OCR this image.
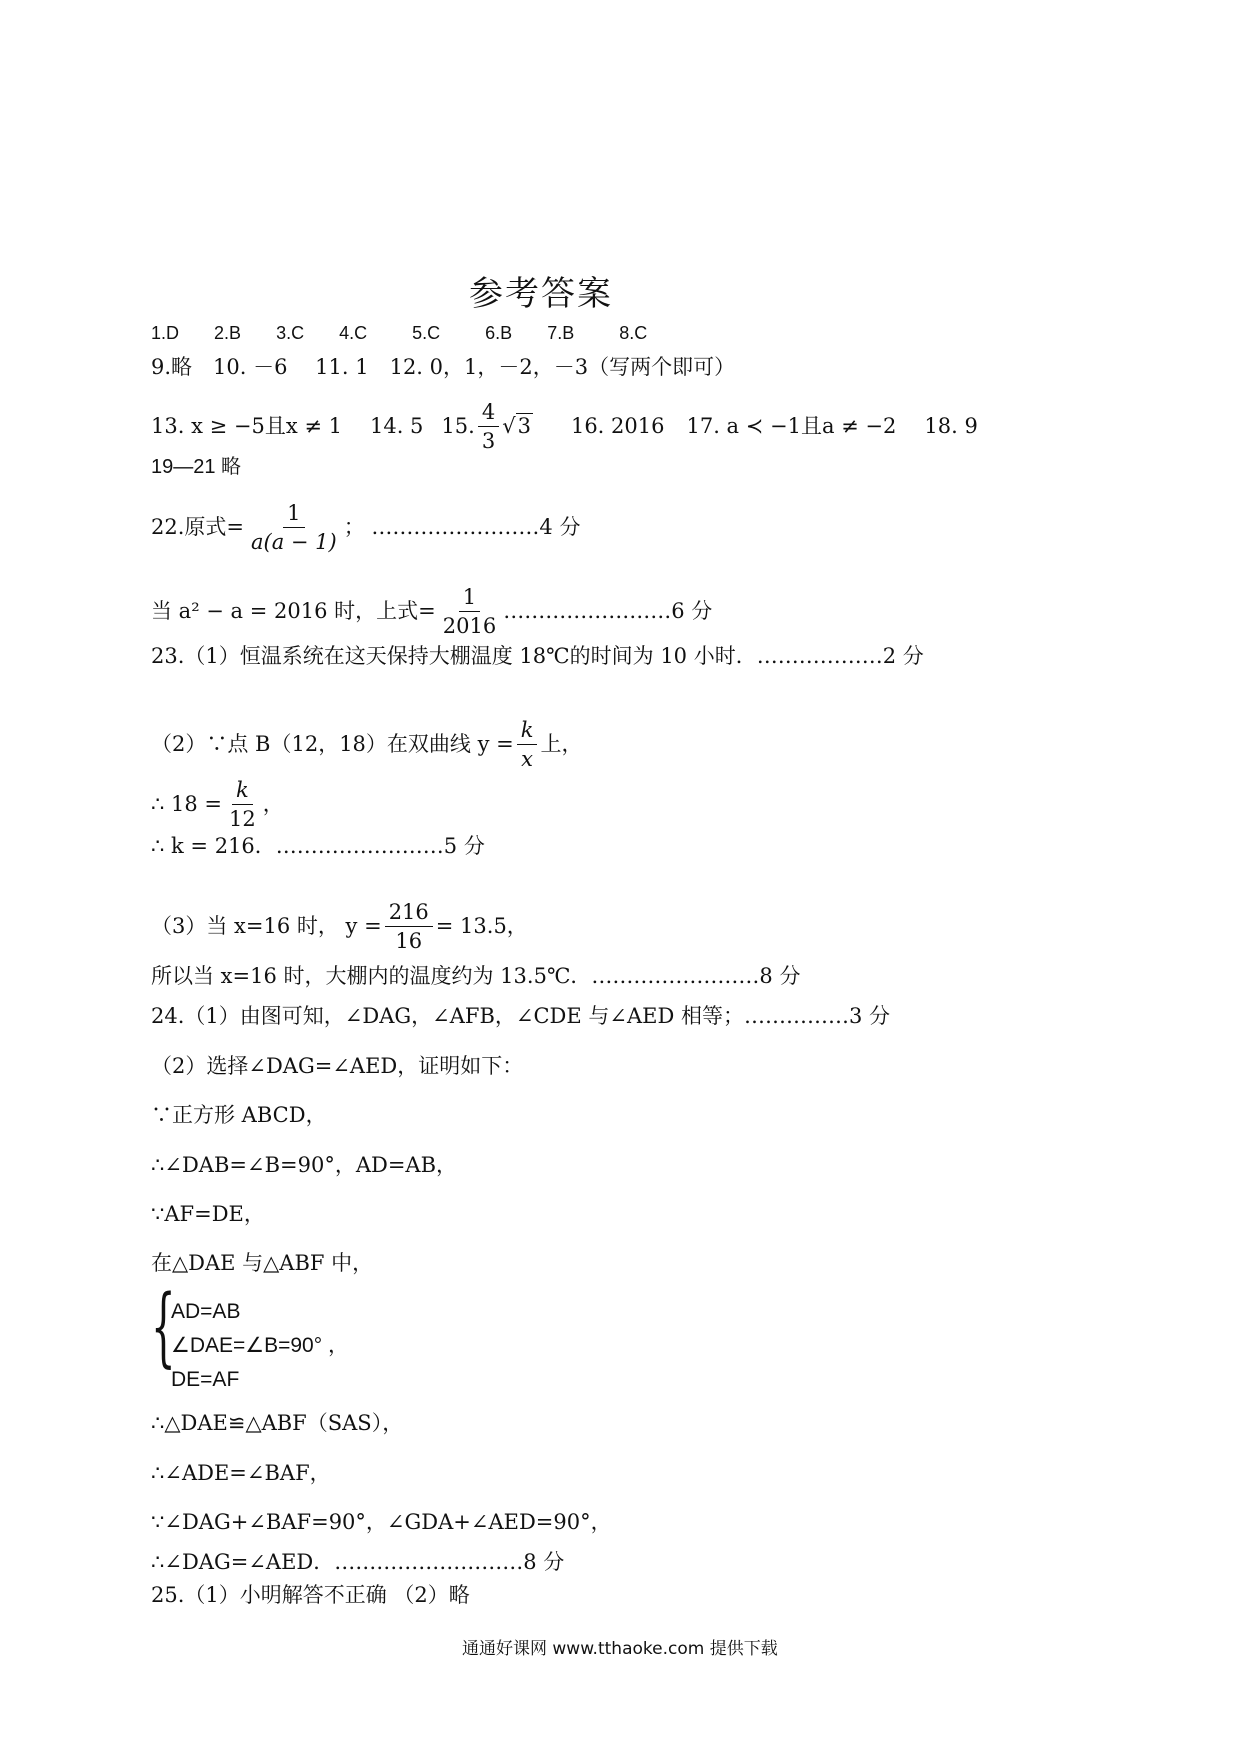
参考答案
1.D 2.B 3.C 4.C	5.C	6.B 7.B	8.C
9.略　10. －6　 11. 1　12. 0，1，－2，－3（写两个即可）
13. x ≥ −5且x ≠ 1 14. 5 15. $\frac{4}{3} √3$ 16. 2016 17. a ≺ −1且a ≠ −2 18. 9
19—21 略
22.原式= $\frac{1}{a(a - 1)}$ ； ……………………4 分
当 a² − a = 2016 时，上式= $\frac{1}{2016}$ ……………………6 分
23.（1）恒温系统在这天保持大棚温度 18℃的时间为 10 小时．………………2 分
（2）∵点 B（12，18）在双曲线 $y = \frac{k}{x}$ 上，
∴ $18 = \frac{k}{12}$ ，
∴ k = 216．……………………5 分
（3）当 x=16 时， $y = \frac{216}{16} = 13.5$，
所以当 x=16 时，大棚内的温度约为 13.5℃．……………………8 分
24.（1）由图可知，∠DAG，∠AFB，∠CDE 与∠AED 相等；……………3 分
（2）选择∠DAG=∠AED，证明如下：
∵正方形 ABCD，
∴∠DAB=∠B=90°，AD=AB，
∵AF=DE，
在△DAE 与△ABF 中，
{
AD=AB
∠DAE=∠B=90° ，
DE=AF
∴△DAE≌△ABF（SAS），
∴∠ADE=∠BAF，
∵∠DAG+∠BAF=90°，∠GDA+∠AED=90°，
∴∠DAG=∠AED．………………………8 分
25.（1）小明解答不正确 （2）略
通通好课网 www.tthaoke.com 提供下载
